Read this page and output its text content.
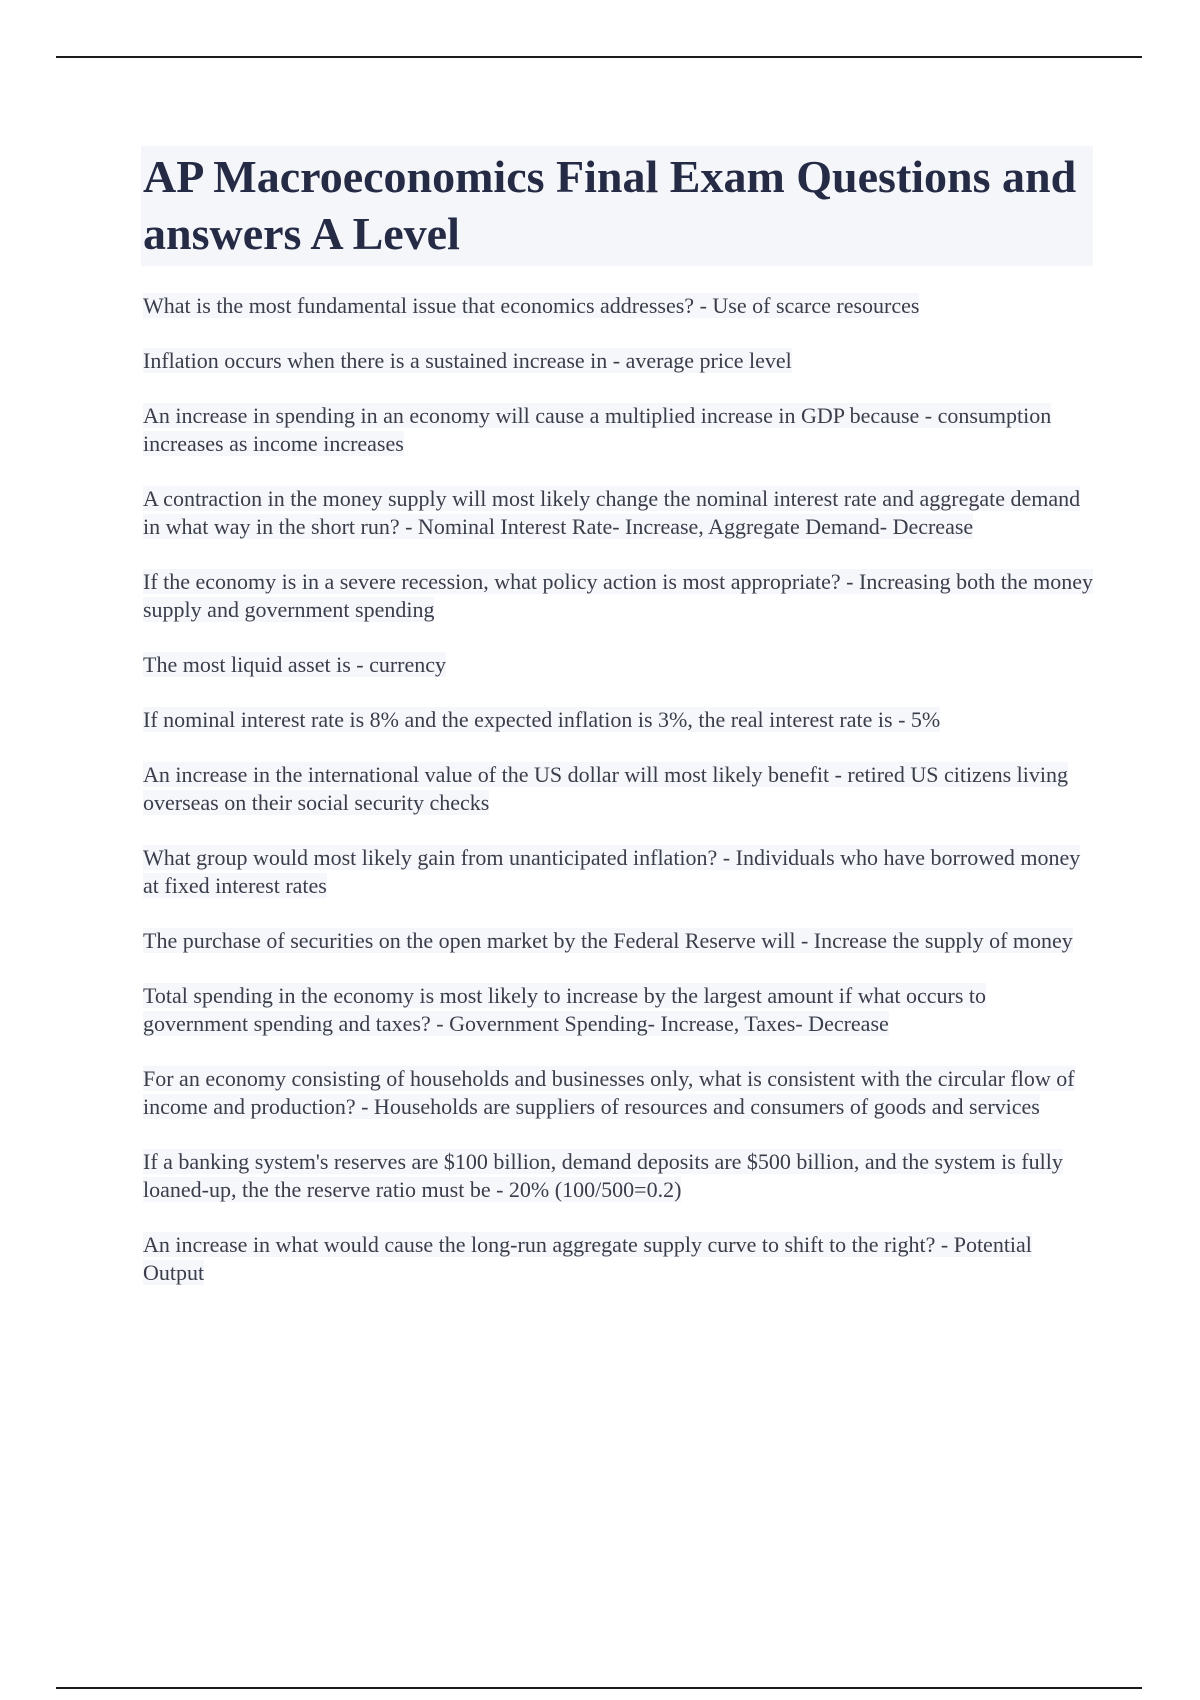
AP Macroeconomics Final Exam Questions and answers A Level

What is the most fundamental issue that economics addresses? - Use of scarce resources

Inflation occurs when there is a sustained increase in - average price level

An increase in spending in an economy will cause a multiplied increase in GDP because - consumption increases as income increases

A contraction in the money supply will most likely change the nominal interest rate and aggregate demand in what way in the short run? - Nominal Interest Rate- Increase, Aggregate Demand- Decrease

If the economy is in a severe recession, what policy action is most appropriate? - Increasing both the money supply and government spending

The most liquid asset is - currency

If nominal interest rate is 8% and the expected inflation is 3%, the real interest rate is - 5%

An increase in the international value of the US dollar will most likely benefit - retired US citizens living overseas on their social security checks

What group would most likely gain from unanticipated inflation? - Individuals who have borrowed money at fixed interest rates

The purchase of securities on the open market by the Federal Reserve will - Increase the supply of money

Total spending in the economy is most likely to increase by the largest amount if what occurs to government spending and taxes? - Government Spending- Increase, Taxes- Decrease

For an economy consisting of households and businesses only, what is consistent with the circular flow of income and production? - Households are suppliers of resources and consumers of goods and services

If a banking system's reserves are $100 billion, demand deposits are $500 billion, and the system is fully loaned-up, the the reserve ratio must be - 20% (100/500=0.2)

An increase in what would cause the long-run aggregate supply curve to shift to the right? - Potential Output
